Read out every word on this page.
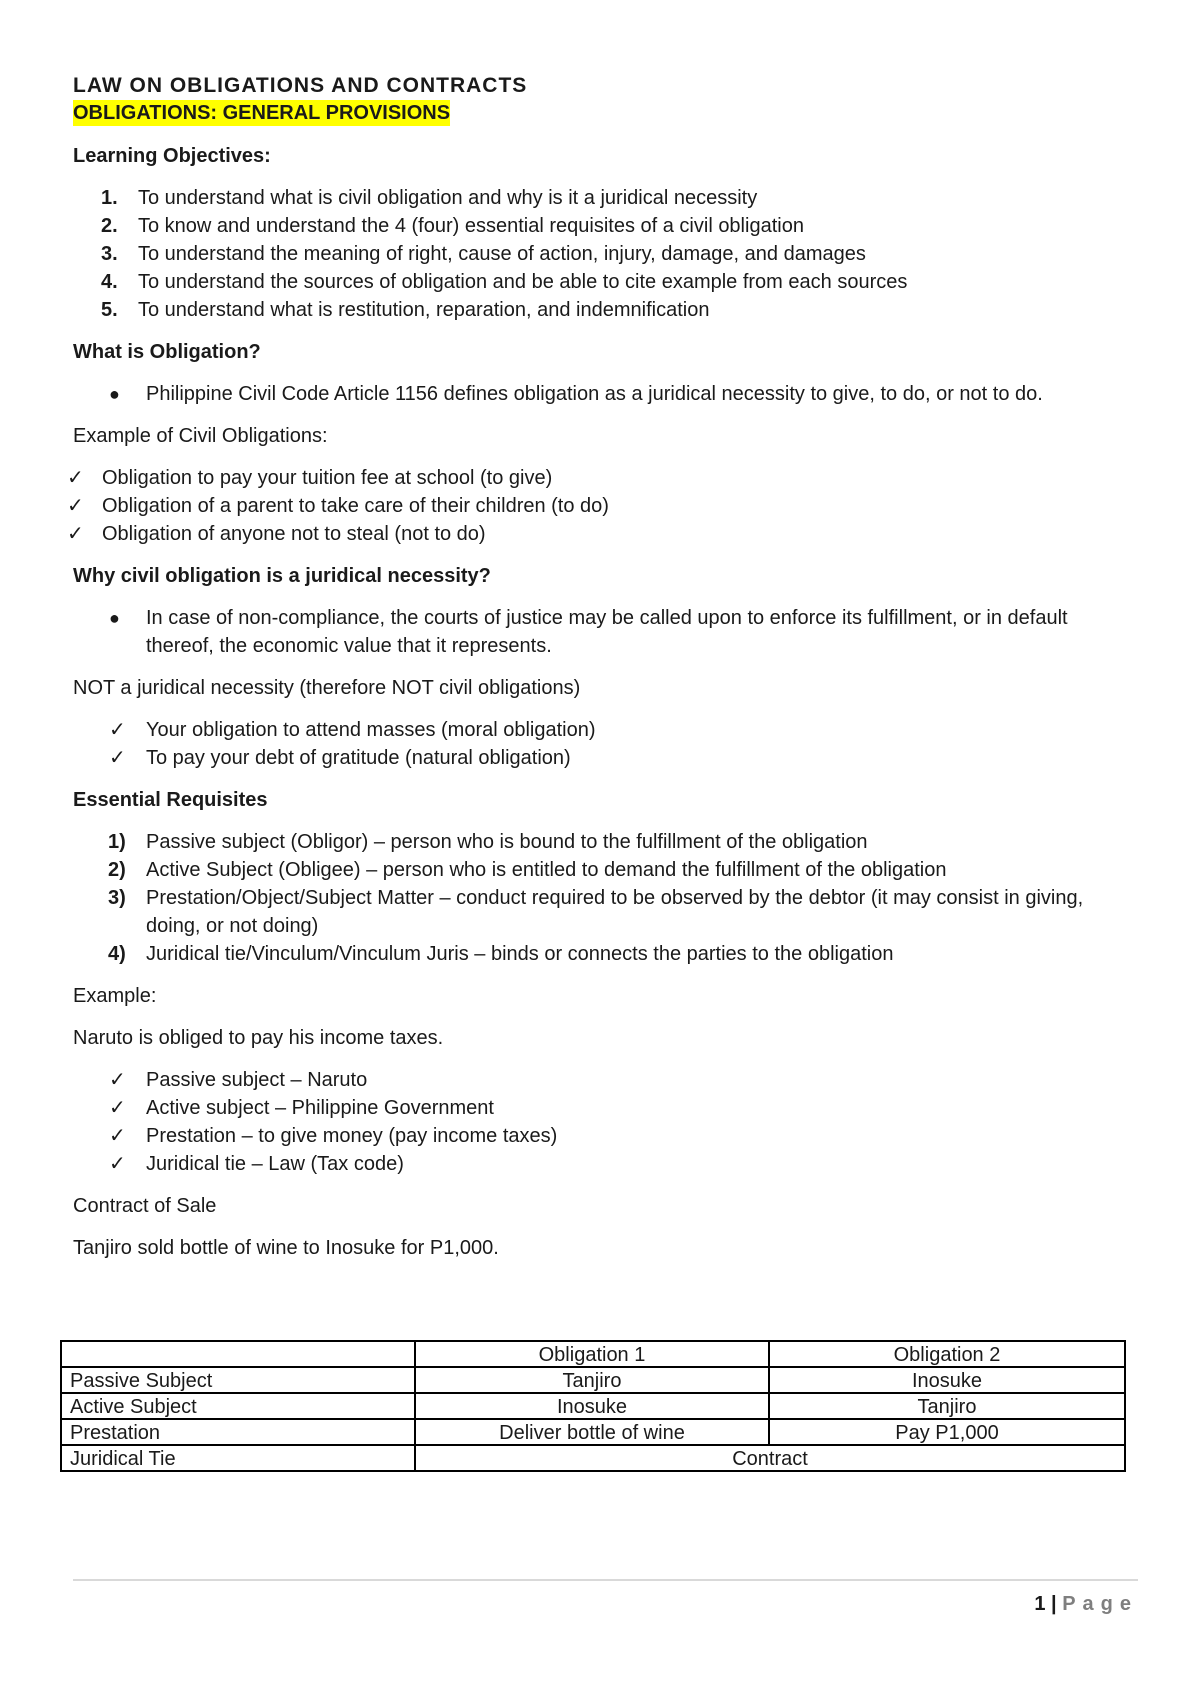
LAW ON OBLIGATIONS AND CONTRACTS

OBLIGATIONS: GENERAL PROVISIONS

Learning Objectives:

1. To understand what is civil obligation and why is it a juridical necessity
2. To know and understand the 4 (four) essential requisites of a civil obligation
3. To understand the meaning of right, cause of action, injury, damage, and damages
4. To understand the sources of obligation and be able to cite example from each sources
5. To understand what is restitution, reparation, and indemnification

What is Obligation?

● Philippine Civil Code Article 1156 defines obligation as a juridical necessity to give, to do, or not to do.

Example of Civil Obligations:

✓ Obligation to pay your tuition fee at school (to give)
✓ Obligation of a parent to take care of their children (to do)
✓ Obligation of anyone not to steal (not to do)

Why civil obligation is a juridical necessity?

● In case of non-compliance, the courts of justice may be called upon to enforce its fulfillment, or in default thereof, the economic value that it represents.

NOT a juridical necessity (therefore NOT civil obligations)

✓ Your obligation to attend masses (moral obligation)
✓ To pay your debt of gratitude (natural obligation)

Essential Requisites

1) Passive subject (Obligor) – person who is bound to the fulfillment of the obligation
2) Active Subject (Obligee) – person who is entitled to demand the fulfillment of the obligation
3) Prestation/Object/Subject Matter – conduct required to be observed by the debtor (it may consist in giving, doing, or not doing)
4) Juridical tie/Vinculum/Vinculum Juris – binds or connects the parties to the obligation

Example:

Naruto is obliged to pay his income taxes.

✓ Passive subject – Naruto
✓ Active subject – Philippine Government
✓ Prestation – to give money (pay income taxes)
✓ Juridical tie – Law (Tax code)

Contract of Sale

Tanjiro sold bottle of wine to Inosuke for P1,000.

	Obligation 1	Obligation 2
Passive Subject	Tanjiro	Inosuke
Active Subject	Inosuke	Tanjiro
Prestation	Deliver bottle of wine	Pay P1,000
Juridical Tie	Contract	
1 | Page
